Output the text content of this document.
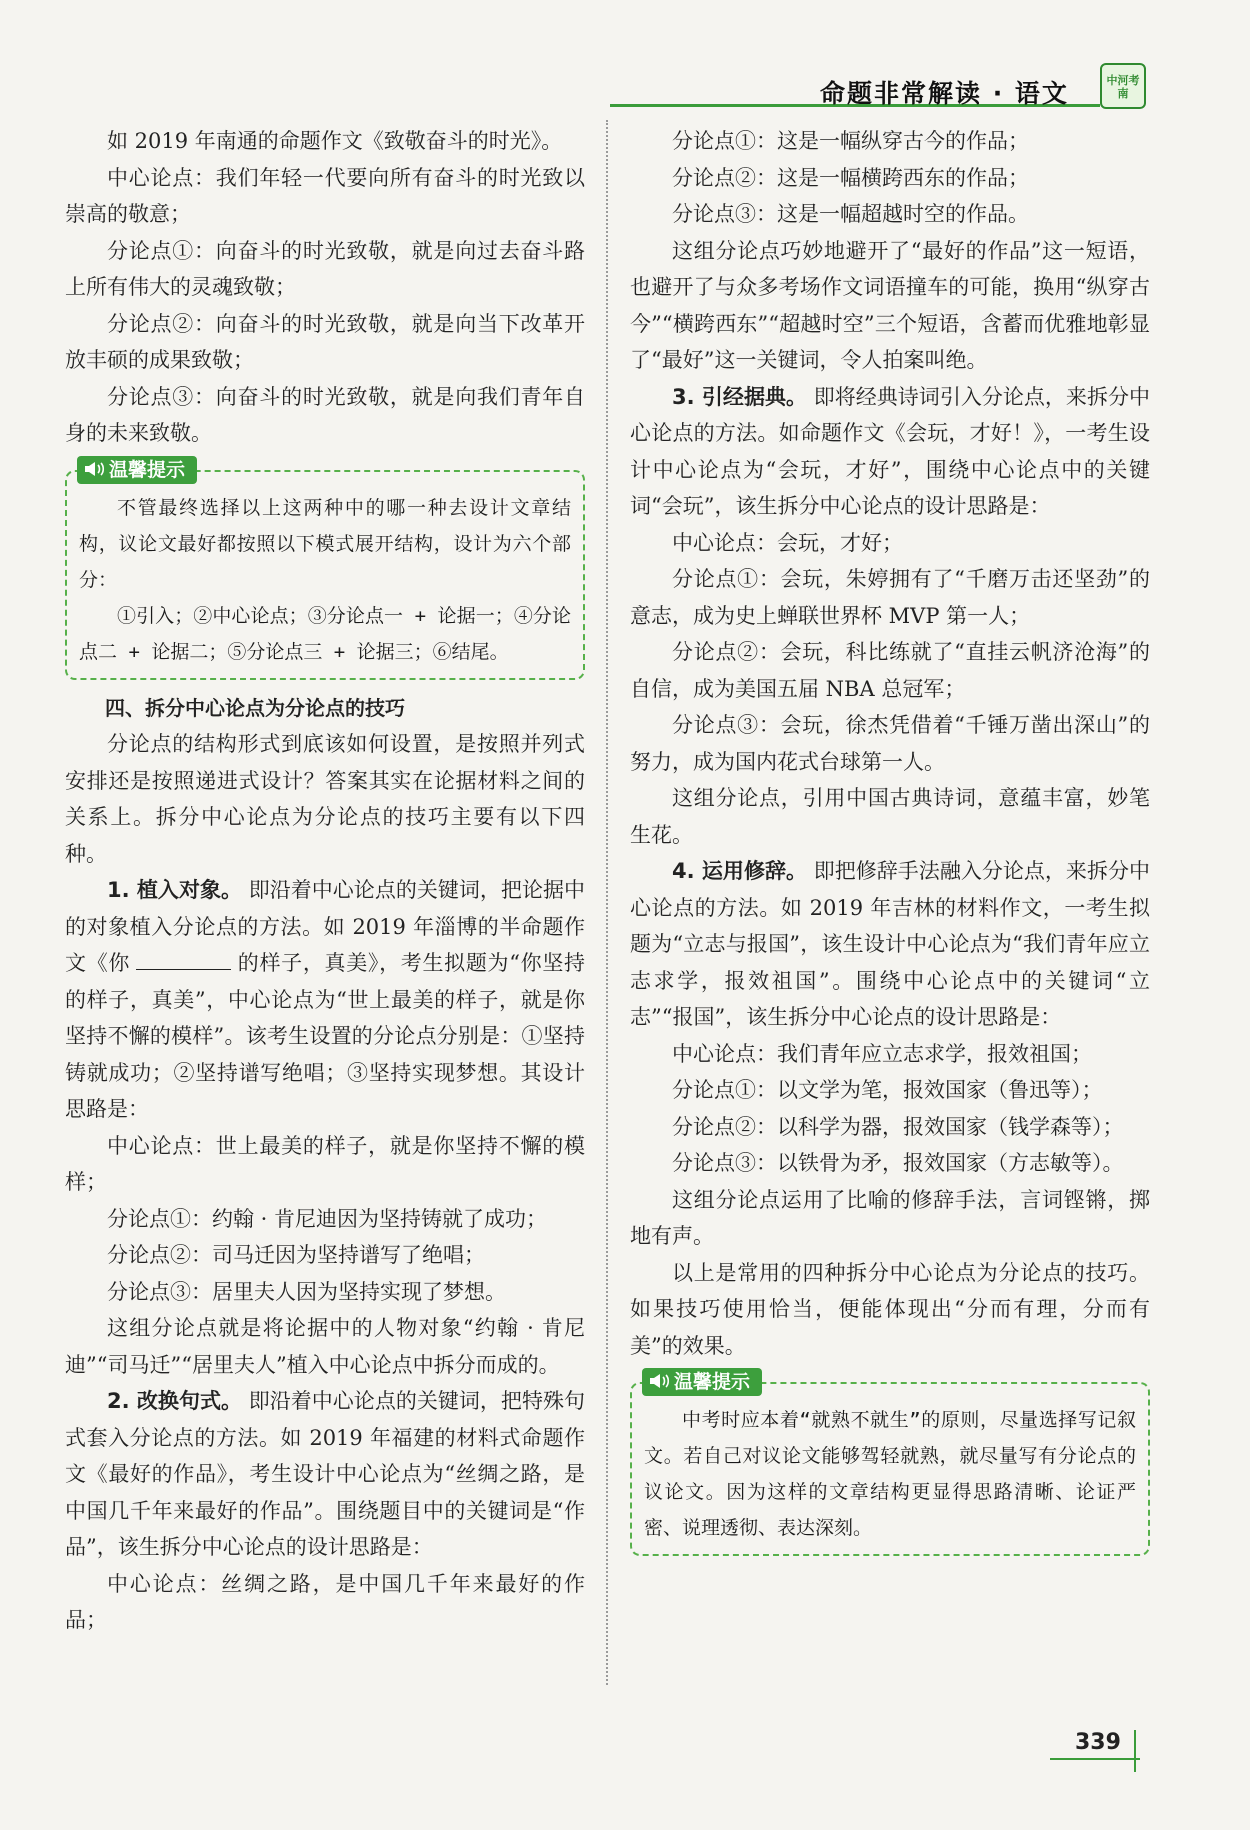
命题非常解读 · 语文	中河考南

如 2019 年南通的命题作文《致敬奋斗的时光》。

中心论点：我们年轻一代要向所有奋斗的时光致以崇高的敬意；

分论点①：向奋斗的时光致敬，就是向过去奋斗路上所有伟大的灵魂致敬；

分论点②：向奋斗的时光致敬，就是向当下改革开放丰硕的成果致敬；

分论点③：向奋斗的时光致敬，就是向我们青年自身的未来致敬。

温馨提示

不管最终选择以上这两种中的哪一种去设计文章结构，议论文最好都按照以下模式展开结构，设计为六个部分：

①引入；②中心论点；③分论点一 + 论据一；④分论点二 + 论据二；⑤分论点三 + 论据三；⑥结尾。

四、拆分中心论点为分论点的技巧

分论点的结构形式到底该如何设置，是按照并列式安排还是按照递进式设计？答案其实在论据材料之间的关系上。拆分中心论点为分论点的技巧主要有以下四种。

1. 植入对象。 即沿着中心论点的关键词，把论据中的对象植入分论点的方法。如 2019 年淄博的半命题作文《你	的样子，真美》，考生拟题为“你坚持的样子，真美”，中心论点为“世上最美的样子，就是你坚持不懈的模样”。该考生设置的分论点分别是：①坚持铸就成功；②坚持谱写绝唱；③坚持实现梦想。其设计思路是：

中心论点：世上最美的样子，就是你坚持不懈的模样；

分论点①：约翰 · 肯尼迪因为坚持铸就了成功；

分论点②：司马迁因为坚持谱写了绝唱；

分论点③：居里夫人因为坚持实现了梦想。

这组分论点就是将论据中的人物对象“约翰 · 肯尼迪”“司马迁”“居里夫人”植入中心论点中拆分而成的。

2. 改换句式。 即沿着中心论点的关键词，把特殊句式套入分论点的方法。如 2019 年福建的材料式命题作文《最好的作品》，考生设计中心论点为“丝绸之路，是中国几千年来最好的作品”。围绕题目中的关键词是“作品”，该生拆分中心论点的设计思路是：

中心论点：丝绸之路，是中国几千年来最好的作品；

分论点①：这是一幅纵穿古今的作品；

分论点②：这是一幅横跨西东的作品；

分论点③：这是一幅超越时空的作品。

这组分论点巧妙地避开了“最好的作品”这一短语，也避开了与众多考场作文词语撞车的可能，换用“纵穿古今”“横跨西东”“超越时空”三个短语，含蓄而优雅地彰显了“最好”这一关键词，令人拍案叫绝。

3. 引经据典。 即将经典诗词引入分论点，来拆分中心论点的方法。如命题作文《会玩，才好！》，一考生设计中心论点为“会玩，才好”，围绕中心论点中的关键词“会玩”，该生拆分中心论点的设计思路是：

中心论点：会玩，才好；

分论点①：会玩，朱婷拥有了“千磨万击还坚劲”的意志，成为史上蝉联世界杯 MVP 第一人；

分论点②：会玩，科比练就了“直挂云帆济沧海”的自信，成为美国五届 NBA 总冠军；

分论点③：会玩，徐杰凭借着“千锤万凿出深山”的努力，成为国内花式台球第一人。

这组分论点，引用中国古典诗词，意蕴丰富，妙笔生花。

4. 运用修辞。 即把修辞手法融入分论点，来拆分中心论点的方法。如 2019 年吉林的材料作文，一考生拟题为“立志与报国”，该生设计中心论点为“我们青年应立志求学，报效祖国”。围绕中心论点中的关键词“立志”“报国”，该生拆分中心论点的设计思路是：

中心论点：我们青年应立志求学，报效祖国；

分论点①：以文学为笔，报效国家（鲁迅等）；

分论点②：以科学为器，报效国家（钱学森等）；

分论点③：以铁骨为矛，报效国家（方志敏等）。

这组分论点运用了比喻的修辞手法，言词铿锵，掷地有声。

以上是常用的四种拆分中心论点为分论点的技巧。如果技巧使用恰当，便能体现出“分而有理，分而有美”的效果。

温馨提示

中考时应本着“就熟不就生”的原则，尽量选择写记叙文。若自己对议论文能够驾轻就熟，就尽量写有分论点的议论文。因为这样的文章结构更显得思路清晰、论证严密、说理透彻、表达深刻。

339
